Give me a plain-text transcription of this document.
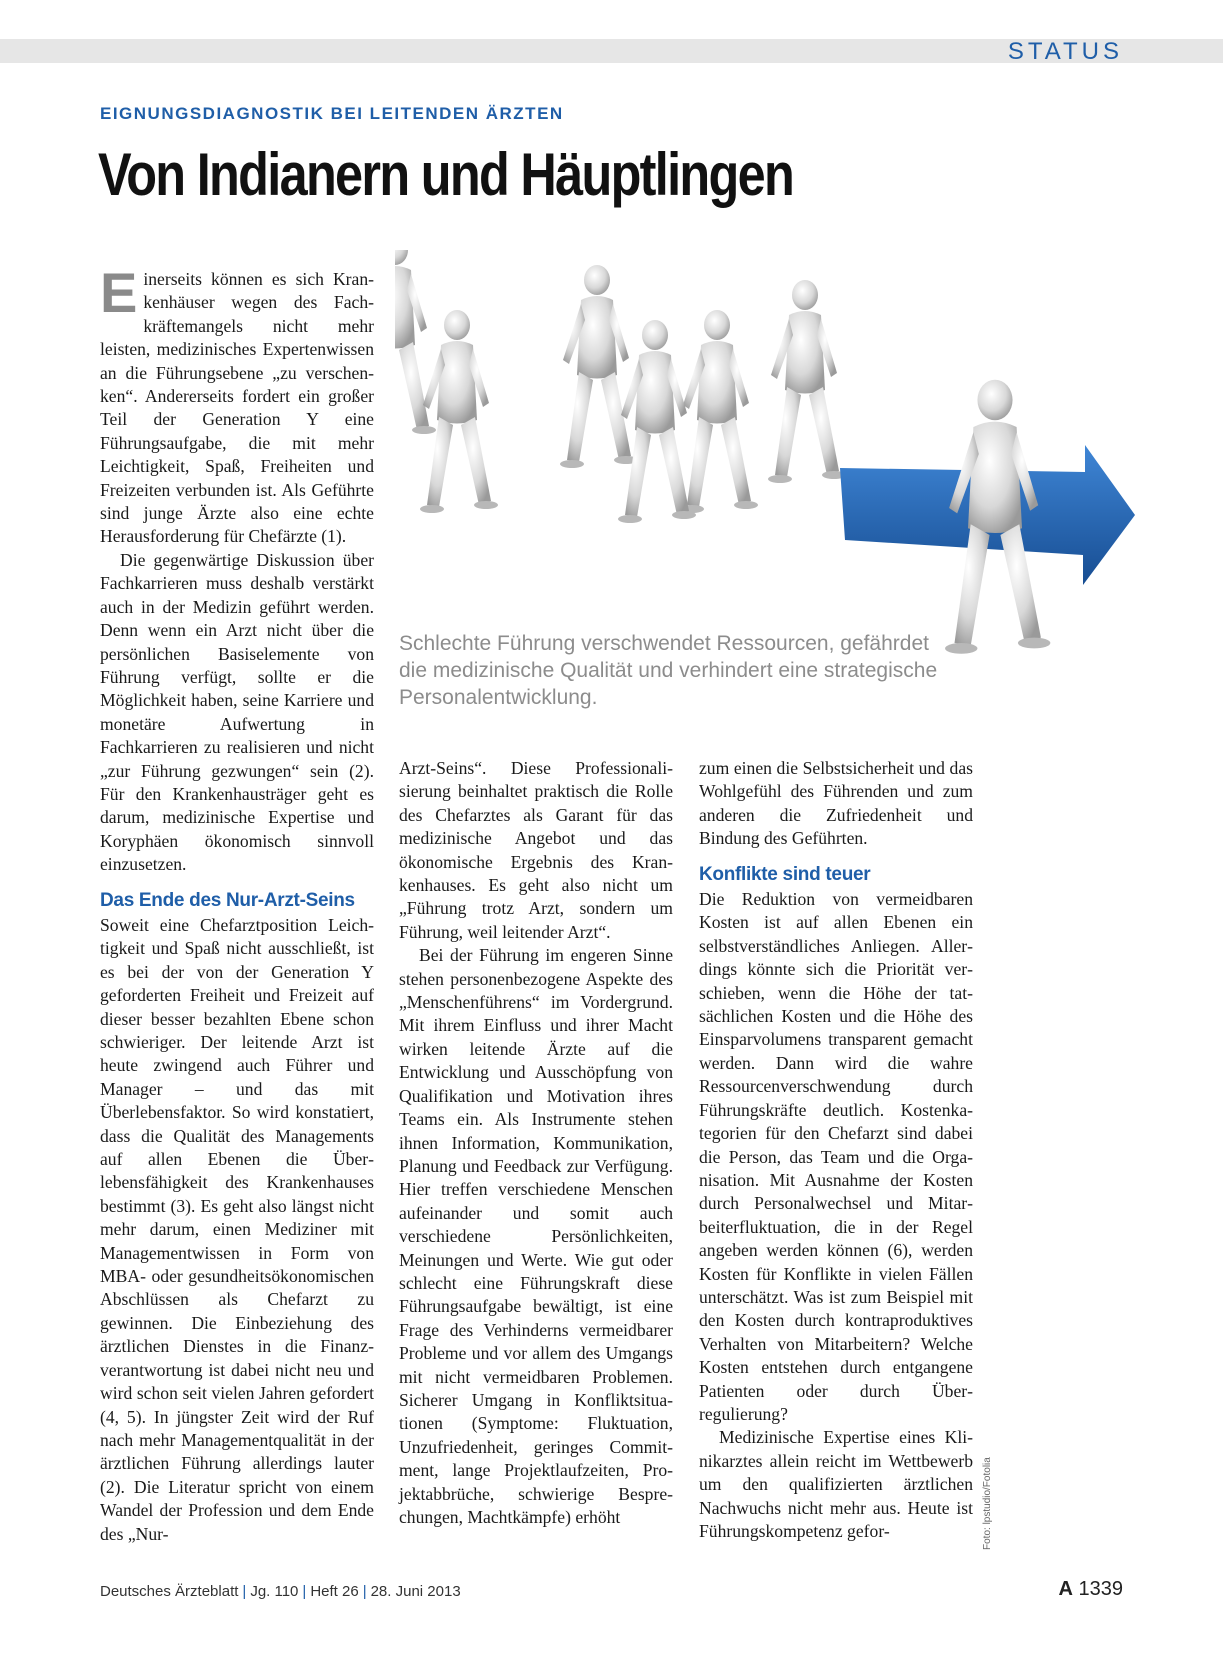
STATUS
EIGNUNGSDIAGNOSTIK BEI LEITENDEN ÄRZTEN
Von Indianern und Häuptlingen
Schlechte Führung verschwendet Ressourcen, gefährdet die medizinische Qualität und verhindert eine strategische Personalentwicklung.
Foto: lpstudio/Fotolia

Einerseits können es sich Krankenhäuser wegen des Fachkräftemangels nicht mehr leisten, medizinisches Expertenwissen an die Führungsebene „zu verschenken“. Andererseits fordert ein großer Teil der Generation Y eine Führungsaufgabe, die mit mehr Leichtigkeit, Spaß, Freiheiten und Freizeiten verbunden ist. Als Geführte sind junge Ärzte also eine echte Herausforderung für Chefärzte (1).

Die gegenwärtige Diskussion über Fachkarrieren muss deshalb verstärkt auch in der Medizin geführt werden. Denn wenn ein Arzt nicht über die persönlichen Basiselemente von Führung verfügt, sollte er die Möglichkeit haben, seine Karriere und monetäre Aufwertung in Fachkarrieren zu realisieren und nicht „zur Führung gezwungen“ sein (2). Für den Krankenhausträger geht es darum, medizinische Expertise und Koryphäen ökonomisch sinnvoll einzusetzen.

Das Ende des Nur-Arzt-Seins

Soweit eine Chefarztposition Leichtigkeit und Spaß nicht ausschließt, ist es bei der von der Generation Y geforderten Freiheit und Freizeit auf dieser besser bezahlten Ebene schon schwieriger. Der leitende Arzt ist heute zwingend auch Führer und Manager – und das mit Überlebensfaktor. So wird konstatiert, dass die Qualität des Managements auf allen Ebenen die Überlebensfähigkeit des Krankenhauses bestimmt (3). Es geht also längst nicht mehr darum, einen Mediziner mit Managementwissen in Form von MBA- oder gesundheitsökonomischen Abschlüssen als Chefarzt zu gewinnen. Die Einbeziehung des ärztlichen Dienstes in die Finanzverantwortung ist dabei nicht neu und wird schon seit vielen Jahren gefordert (4, 5). In jüngster Zeit wird der Ruf nach mehr Managementqualität in der ärztlichen Führung allerdings lauter (2). Die Literatur spricht von einem Wandel der Profession und dem Ende des „Nur-

Arzt-Seins“. Diese Professionalisierung beinhaltet praktisch die Rolle des Chefarztes als Garant für das medizinische Angebot und das ökonomische Ergebnis des Krankenhauses. Es geht also nicht um „Führung trotz Arzt, sondern um Führung, weil leitender Arzt“.

Bei der Führung im engeren Sinne stehen personenbezogene Aspekte des „Menschenführens“ im Vordergrund. Mit ihrem Einfluss und ihrer Macht wirken leitende Ärzte auf die Entwicklung und Ausschöpfung von Qualifikation und Motivation ihres Teams ein. Als Instrumente stehen ihnen Information, Kommunikation, Planung und Feedback zur Verfügung. Hier treffen verschiedene Menschen aufeinander und somit auch verschiedene Persönlichkeiten, Meinungen und Werte. Wie gut oder schlecht eine Führungskraft diese Führungsaufgabe bewältigt, ist eine Frage des Verhinderns vermeidbarer Probleme und vor allem des Umgangs mit nicht vermeidbaren Problemen. Sicherer Umgang in Konfliktsituationen (Symptome: Fluktuation, Unzufriedenheit, geringes Commitment, lange Projektlaufzeiten, Projektabbrüche, schwierige Besprechungen, Machtkämpfe) erhöht

zum einen die Selbstsicherheit und das Wohlgefühl des Führenden und zum anderen die Zufriedenheit und Bindung des Geführten.

Konflikte sind teuer

Die Reduktion von vermeidbaren Kosten ist auf allen Ebenen ein selbstverständliches Anliegen. Allerdings könnte sich die Priorität verschieben, wenn die Höhe der tatsächlichen Kosten und die Höhe des Einsparvolumens transparent gemacht werden. Dann wird die wahre Ressourcenverschwendung durch Führungskräfte deutlich. Kostenkategorien für den Chefarzt sind dabei die Person, das Team und die Organisation. Mit Ausnahme der Kosten durch Personalwechsel und Mitarbeiterfluktuation, die in der Regel angeben werden können (6), werden Kosten für Konflikte in vielen Fällen unterschätzt. Was ist zum Beispiel mit den Kosten durch kontraproduktives Verhalten von Mitarbeitern? Welche Kosten entstehen durch entgangene Patienten oder durch Überregulierung?

Medizinische Expertise eines Klinikarztes allein reicht im Wettbewerb um den qualifizierten ärztlichen Nachwuchs nicht mehr aus. Heute ist Führungskompetenz gefor-

Deutsches Ärzteblatt | Jg. 110 | Heft 26 | 28. Juni 2013	A 1339
